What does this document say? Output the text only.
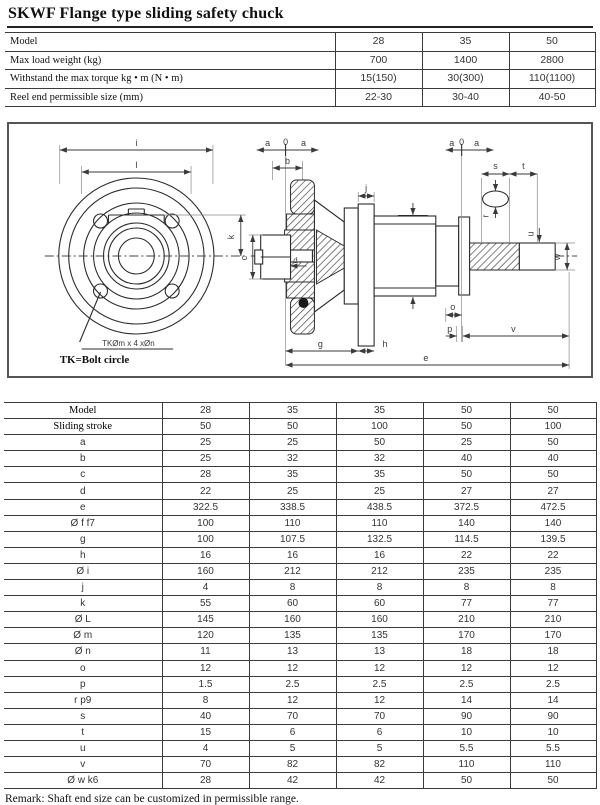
SKWF Flange type sliding safety chuck
Model	28	35	50
Max load weight (kg)	700	1400	2800
Withstand the max torque kg • m (N • m)	15(150)	30(300)	110(1100)
Reel end permissible size (mm)	22-30	30-40	40-50
i
l
k
TKØm x 4 xØn
TK=Bolt circle
a 0 a
b
c	d
j
r
s	t
a 0 a
o
p	v
u
w
g	h
e
Model	28	35	35	50	50
Sliding stroke	50	50	100	50	100
a	25	25	50	25	50
b	25	32	32	40	40
c	28	35	35	50	50
d	22	25	25	27	27
e	322.5	338.5	438.5	372.5	472.5
Ø f f7	100	110	110	140	140
g	100	107.5	132.5	114.5	139.5
h	16	16	16	22	22
Ø i	160	212	212	235	235
j	4	8	8	8	8
k	55	60	60	77	77
Ø L	145	160	160	210	210
Ø m	120	135	135	170	170
Ø n	11	13	13	18	18
o	12	12	12	12	12
p	1.5	2.5	2.5	2.5	2.5
r p9	8	12	12	14	14
s	40	70	70	90	90
t	15	6	6	10	10
u	4	5	5	5.5	5.5
v	70	82	82	110	110
Ø w k6	28	42	42	50	50
Remark: Shaft end size can be customized in permissible range.
